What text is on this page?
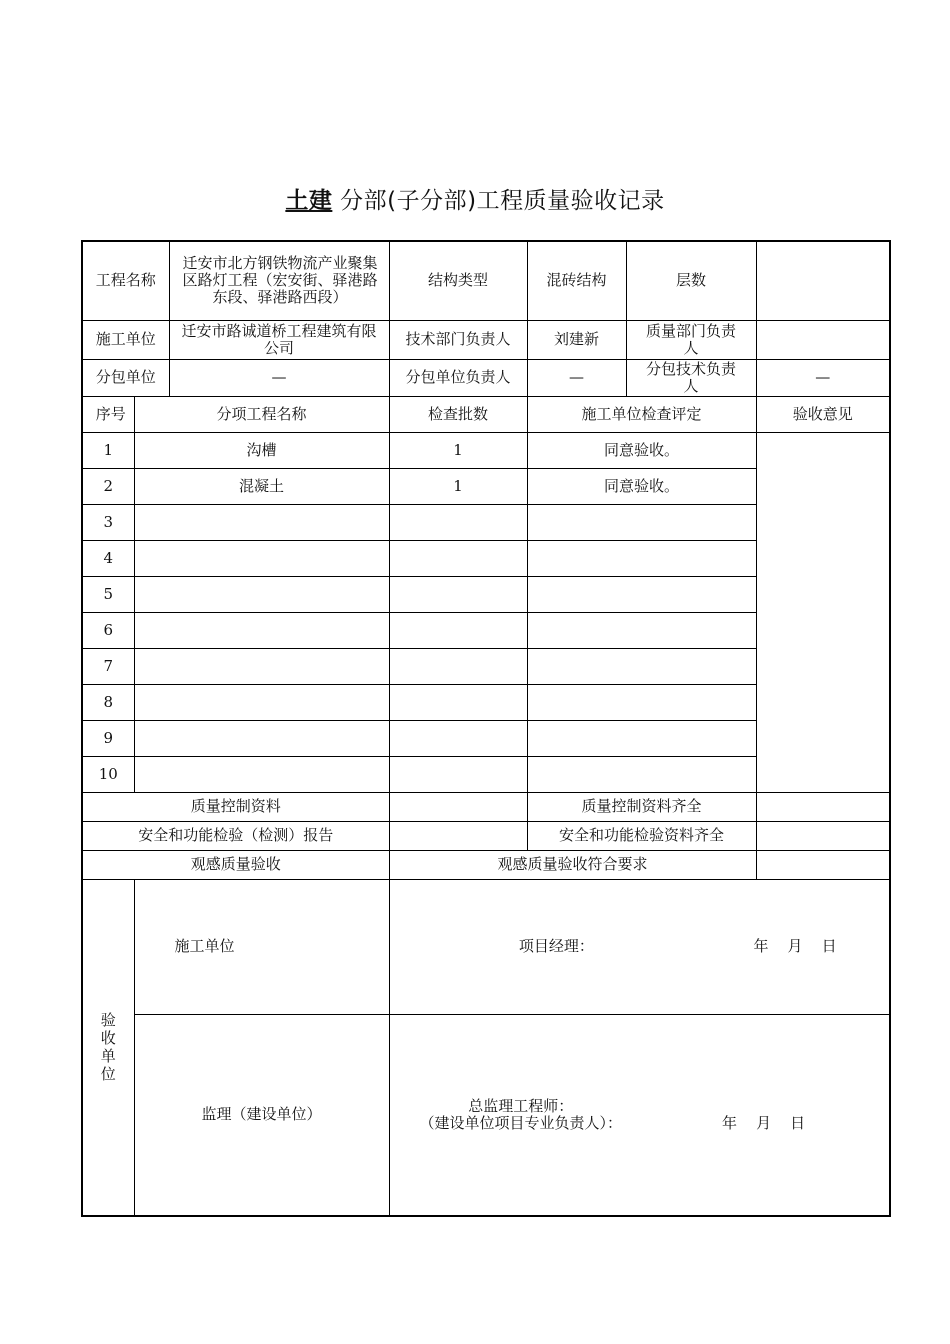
土建 分部(子分部)工程质量验收记录
工程名称		迁安市北方钢铁物流产业聚集区路灯工程（宏安街、驿港路东段、驿港路西段）	结构类型	混砖结构	层数	
施工单位		迁安市路诚道桥工程建筑有限公司	技术部门负责人	刘建新	质量部门负责人	
分包单位		—	分包单位负责人	—	分包技术负责人	—
序号	分项工程名称		检查批数	施工单位检查评定		验收意见
1	沟槽		1	同意验收。		
2	混凝土		1	同意验收。		
3						
4						
5						
6						
7						
8						
9						
10						
质量控制资料				质量控制资料齐全		
安全和功能检验（检测）报告				安全和功能检验资料齐全		
观感质量验收			观感质量验收符合要求			

验收单位	施工单位		项目经理： 年    月    日			
	监理（建设单位）		总监理工程师：
（建设单位项目专业负责人）： 年    月    日			
